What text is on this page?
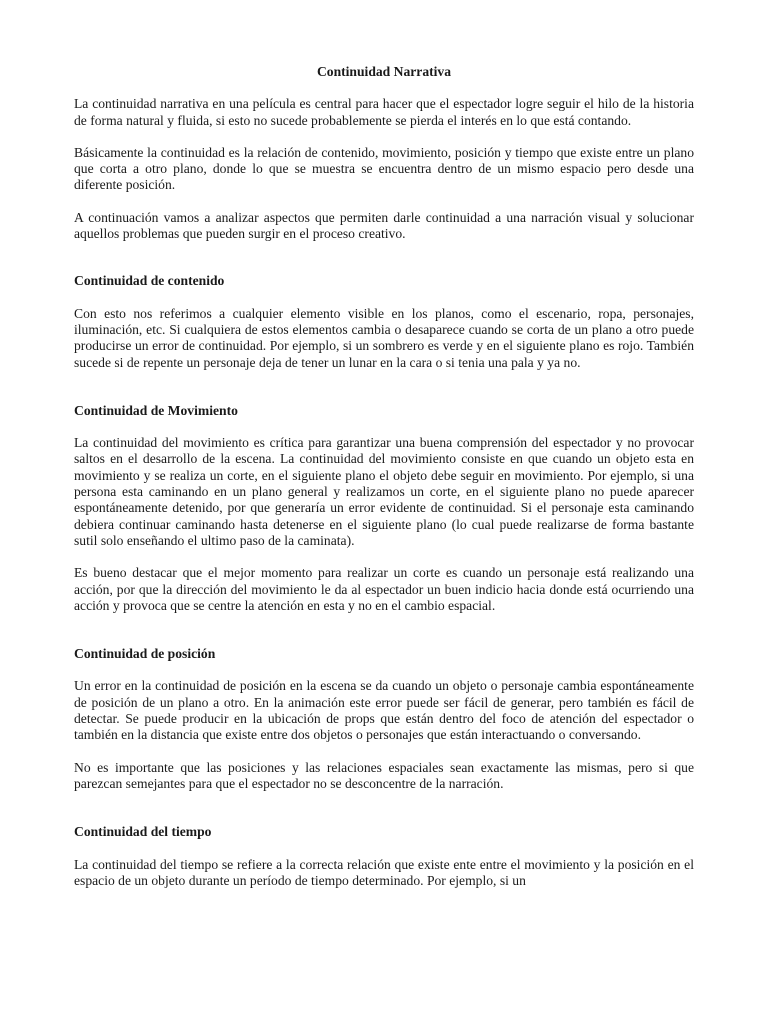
Continuidad Narrativa

La continuidad narrativa en una película es central para hacer que el espectador logre seguir el hilo de la historia de forma natural y fluida, si esto no sucede probablemente se pierda el interés en lo que está contando.

Básicamente la continuidad es la relación de contenido, movimiento, posición y tiempo que existe entre un plano que corta a otro plano, donde lo que se muestra se encuentra dentro de un mismo espacio pero desde una diferente posición.

A continuación vamos a analizar aspectos que permiten darle continuidad a una narración visual y solucionar aquellos problemas que pueden surgir en el proceso creativo.

Continuidad de contenido

Con esto nos referimos a cualquier elemento visible en los planos, como el escenario, ropa, personajes, iluminación, etc. Si cualquiera de estos elementos cambia o desaparece cuando se corta de un plano a otro puede producirse un error de continuidad. Por ejemplo, si un sombrero es verde y en el siguiente plano es rojo. También sucede si de repente un personaje deja de tener un lunar en la cara o si tenia una pala y ya no.

Continuidad de Movimiento

La continuidad del movimiento es crítica para garantizar una buena comprensión del espectador y no provocar saltos en el desarrollo de la escena. La continuidad del movimiento consiste en que cuando un objeto esta en movimiento y se realiza un corte, en el siguiente plano el objeto debe seguir en movimiento. Por ejemplo, si una persona esta caminando en un plano general y realizamos un corte, en el siguiente plano no puede aparecer espontáneamente detenido, por que generaría un error evidente de continuidad. Si el personaje esta caminando debiera continuar caminando hasta detenerse en el siguiente plano (lo cual puede realizarse de forma bastante sutil solo enseñando el ultimo paso de la caminata).

Es bueno destacar que el mejor momento para realizar un corte es cuando un personaje está realizando una acción, por que la dirección del movimiento le da al espectador un buen indicio hacia donde está ocurriendo una acción y provoca que se centre la atención en esta y no en el cambio espacial.

Continuidad de posición

Un error en la continuidad de posición en la escena se da cuando un objeto o personaje cambia espontáneamente de posición de un plano a otro. En la animación este error puede ser fácil de generar, pero también es fácil de detectar. Se puede producir en la ubicación de props que están dentro del foco de atención del espectador o también en la distancia que existe entre dos objetos o personajes que están interactuando o conversando.

No es importante que las posiciones y las relaciones espaciales sean exactamente las mismas, pero si que parezcan semejantes para que el espectador no se desconcentre de la narración.

Continuidad del tiempo

La continuidad del tiempo se refiere a la correcta relación que existe ente entre el movimiento y la posición en el espacio de un objeto durante un período de tiempo determinado. Por ejemplo, si un
